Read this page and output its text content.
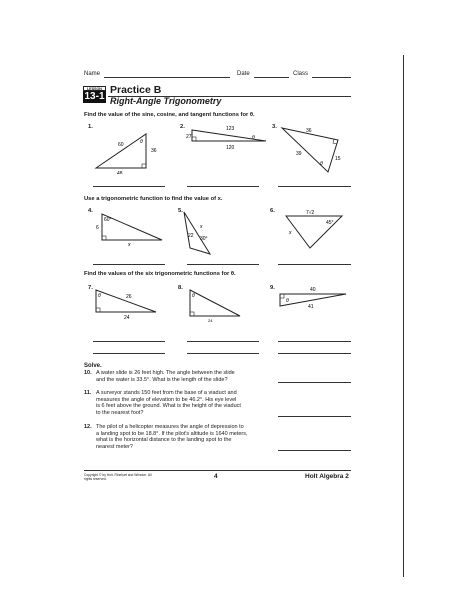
Name	Date	Class
LESSON
13-1
Practice B
Right-Angle Trigonometry
Find the value of the sine, cosine, and tangent functions for θ.
1.
60	θ
36
48
2.	123
27	θ
120
3.
36
39
θ
15
Use a trigonometric function to find the value of x.
4.
60°
6
x
5.
x
22 30°
6.	7√2
45°
x
Find the values of the six trigonometric functions for θ.
7.
θ	26
24
8.
θ
24
9.	40
θ
41
Solve.
10. A water slide is 26 feet high. The angle between the slide
and the water is 33.5°. What is the length of the slide?
11. A surveyor stands 150 feet from the base of a viaduct and
measures the angle of elevation to be 46.2°. His eye level
is 6 feet above the ground. What is the height of the viaduct
to the nearest foot?
12. The pilot of a helicopter measures the angle of depression to
a landing spot to be 18.8°. If the pilot's altitude is 1640 meters,
what is the horizontal distance to the landing spot to the
nearest meter?
Copyright © by Holt, Rinehart and Winston. All rights reserved.	4	Holt Algebra 2
